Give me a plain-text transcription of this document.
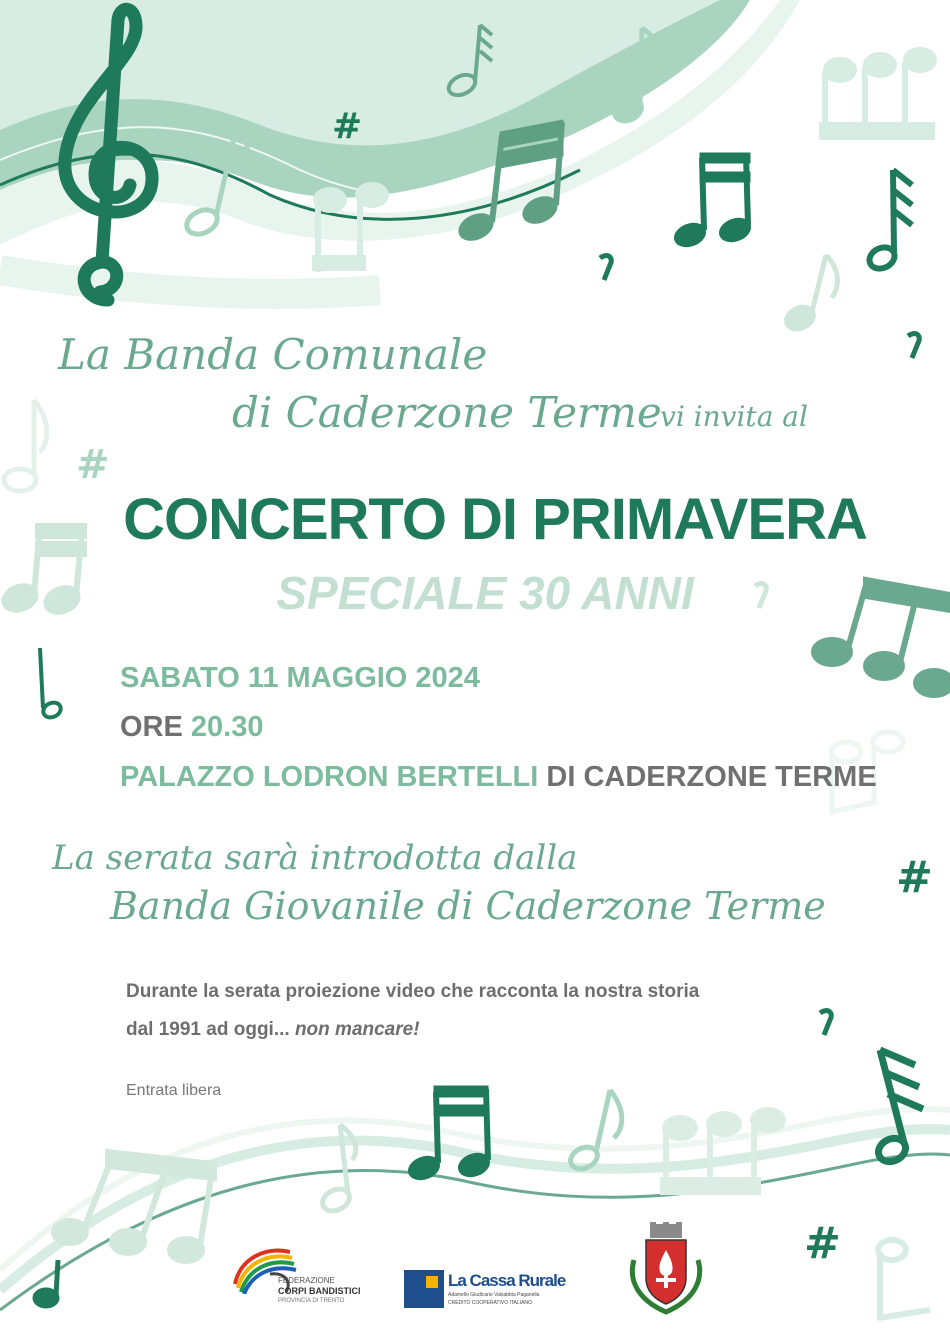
#
#
#
#

La Banda Comunale

di Caderzone Terme

vi invita al

CONCERTO DI PRIMAVERA

SPECIALE 30 ANNI

SABATO 11 MAGGIO 2024

ORE 20.30

PALAZZO LODRON BERTELLI DI CADERZONE TERME

La serata sarà introdotta dalla

Banda Giovanile di Caderzone Terme

Durante la serata proiezione video che racconta la nostra storia

dal 1991 ad oggi... non mancare!

Entrata libera

FEDERAZIONE
CORPI BANDISTICI
PROVINCIA DI TRENTO
La Cassa Rurale
Adamello Giudicarie Valsabbia Paganella
CREDITO COOPERATIVO ITALIANO
